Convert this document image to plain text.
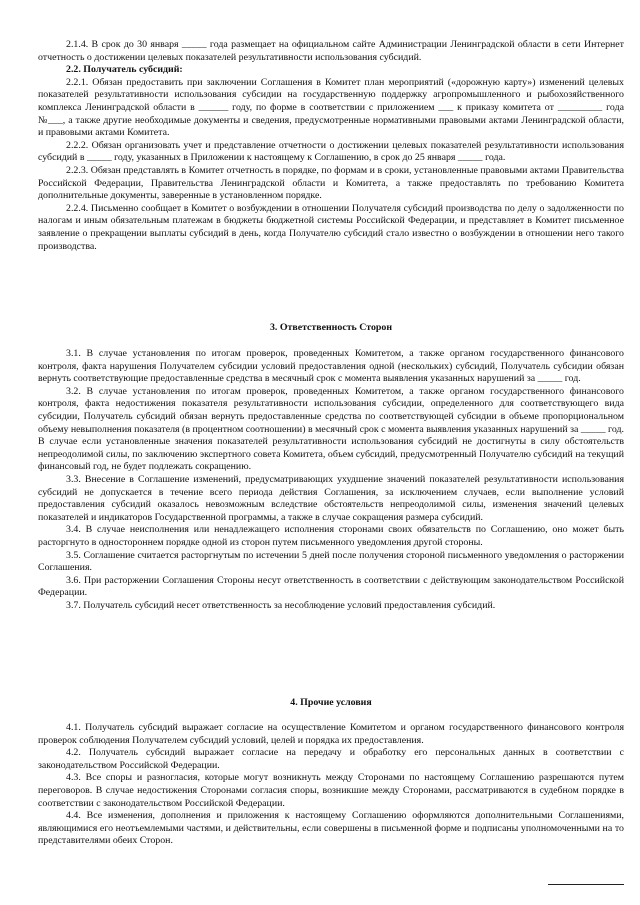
2.1.4. В срок до 30 января _____ года размещает на официальном сайте Администрации Ленинградской области в сети Интернет отчетность о достижении целевых показателей результативности использования субсидий.

2.2. Получатель субсидий:

2.2.1. Обязан предоставить при заключении Соглашения в Комитет план мероприятий («дорожную карту») изменений целевых показателей результативности использования субсидии на государственную поддержку агропромышленного и рыбохозяйственного комплекса Ленинградской области в ______ году, по форме в соответствии с приложением ___ к приказу комитета от _________ года №___, а также другие необходимые документы и сведения, предусмотренные нормативными правовыми актами Ленинградской области, и правовыми актами Комитета.

2.2.2. Обязан организовать учет и представление отчетности о достижении целевых показателей результативности использования субсидий в _____ году, указанных в Приложении к настоящему к Соглашению, в срок до 25 января _____ года.

2.2.3. Обязан представлять в Комитет отчетность в порядке, по формам и в сроки, установленные правовыми актами Правительства Российской Федерации, Правительства Ленинградской области и Комитета, а также предоставлять по требованию Комитета дополнительные документы, заверенные в установленном порядке.

2.2.4. Письменно сообщает в Комитет о возбуждении в отношении Получателя субсидий производства по делу о задолженности по налогам и иным обязательным платежам в бюджеты бюджетной системы Российской Федерации, и представляет в Комитет письменное заявление о прекращении выплаты субсидий в день, когда Получателю субсидий стало известно о возбуждении в отношении него такого производства.

3. Ответственность Сторон

3.1. В случае установления по итогам проверок, проведенных Комитетом, а также органом государственного финансового контроля, факта нарушения Получателем субсидии условий предоставления одной (нескольких) субсидий, Получатель субсидии обязан вернуть соответствующие предоставленные средства в месячный срок с момента выявления указанных нарушений за _____ год.

3.2. В случае установления по итогам проверок, проведенных Комитетом, а также органом государственного финансового контроля, факта недостижения показателя результативности использования субсидии, определенного для соответствующего вида субсидии, Получатель субсидий обязан вернуть предоставленные средства по соответствующей субсидии в объеме пропорциональном объему невыполнения показателя (в процентном соотношении) в месячный срок с момента выявления указанных нарушений за _____ год. В случае если установленные значения показателей результативности использования субсидий не достигнуты в силу обстоятельств непреодолимой силы, по заключению экспертного совета Комитета, объем субсидий, предусмотренный Получателю субсидий на текущий финансовый год, не будет подлежать сокращению.

3.3. Внесение в Соглашение изменений, предусматривающих ухудшение значений показателей результативности использования субсидий не допускается в течение всего периода действия Соглашения, за исключением случаев, если выполнение условий предоставления субсидий оказалось невозможным вследствие обстоятельств непреодолимой силы, изменения значений целевых показателей и индикаторов Государственной программы, а также в случае сокращения размера субсидий.

3.4. В случае неисполнения или ненадлежащего исполнения сторонами своих обязательств по Соглашению, оно может быть расторгнуто в одностороннем порядке одной из сторон путем письменного уведомления другой стороны.

3.5. Соглашение считается расторгнутым по истечении 5 дней после получения стороной письменного уведомления о расторжении Соглашения.

3.6. При расторжении Соглашения Стороны несут ответственность в соответствии с действующим законодательством Российской Федерации.

3.7. Получатель субсидий несет ответственность за несоблюдение условий предоставления субсидий.

4. Прочие условия

4.1. Получатель субсидий выражает согласие на осуществление Комитетом и органом государственного финансового контроля проверок соблюдения Получателем субсидий условий, целей и порядка их предоставления.

4.2. Получатель субсидий выражает согласие на передачу и обработку его персональных данных в соответствии с законодательством Российской Федерации.

4.3. Все споры и разногласия, которые могут возникнуть между Сторонами по настоящему Соглашению разрешаются путем переговоров. В случае недостижения Сторонами согласия споры, возникшие между Сторонами, рассматриваются в судебном порядке в соответствии с законодательством Российской Федерации.

4.4. Все изменения, дополнения и приложения к настоящему Соглашению оформляются дополнительными Соглашениями, являющимися его неотъемлемыми частями, и действительны, если совершены в письменной форме и подписаны уполномоченными на то представителями обеих Сторон.
